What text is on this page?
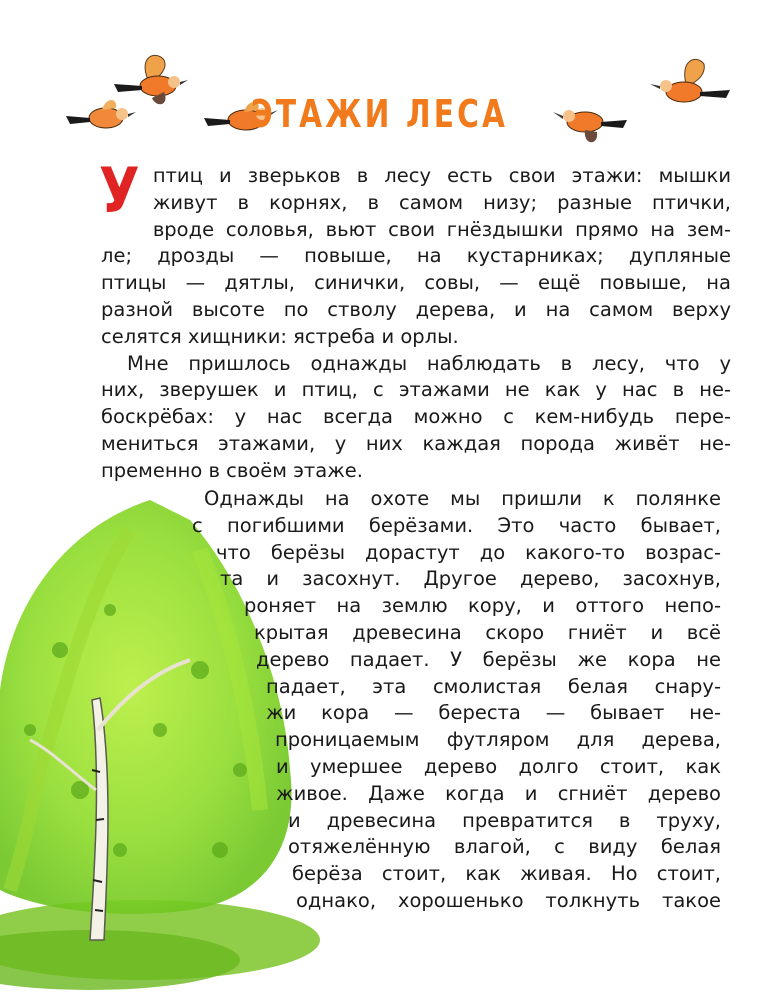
ЭТАЖИ ЛЕСА
У птиц и зверьков в лесу есть свои этажи: мышки
живут в корнях, в самом низу; разные птички,
вроде соловья, вьют свои гнёздышки прямо на зем-
ле; дрозды — повыше, на кустарниках; дупляные
птицы — дятлы, синички, совы, — ещё повыше, на
разной высоте по стволу дерева, и на самом верху
селятся хищники: ястреба и орлы.
Мне пришлось однажды наблюдать в лесу, что у
них, зверушек и птиц, с этажами не как у нас в не-
боскрёбах: у нас всегда можно с кем-нибудь пере-
мениться этажами, у них каждая порода живёт не-
пременно в своём этаже.
Однажды на охоте мы пришли к полянке
с погибшими берёзами. Это часто бывает,
что берёзы дорастут до какого-то возрас-
та и засохнут. Другое дерево, засохнув,
роняет на землю кору, и оттого непо-
крытая древесина скоро гниёт и всё
дерево падает. У берёзы же кора не
падает, эта смолистая белая снару-
жи кора — береста — бывает не-
проницаемым футляром для дерева,
и умершее дерево долго стоит, как
живое. Даже когда и сгниёт дерево
и древесина превратится в труху,
отяжелённую влагой, с виду белая
берёза стоит, как живая. Но стоит,
однако, хорошенько толкнуть такое
